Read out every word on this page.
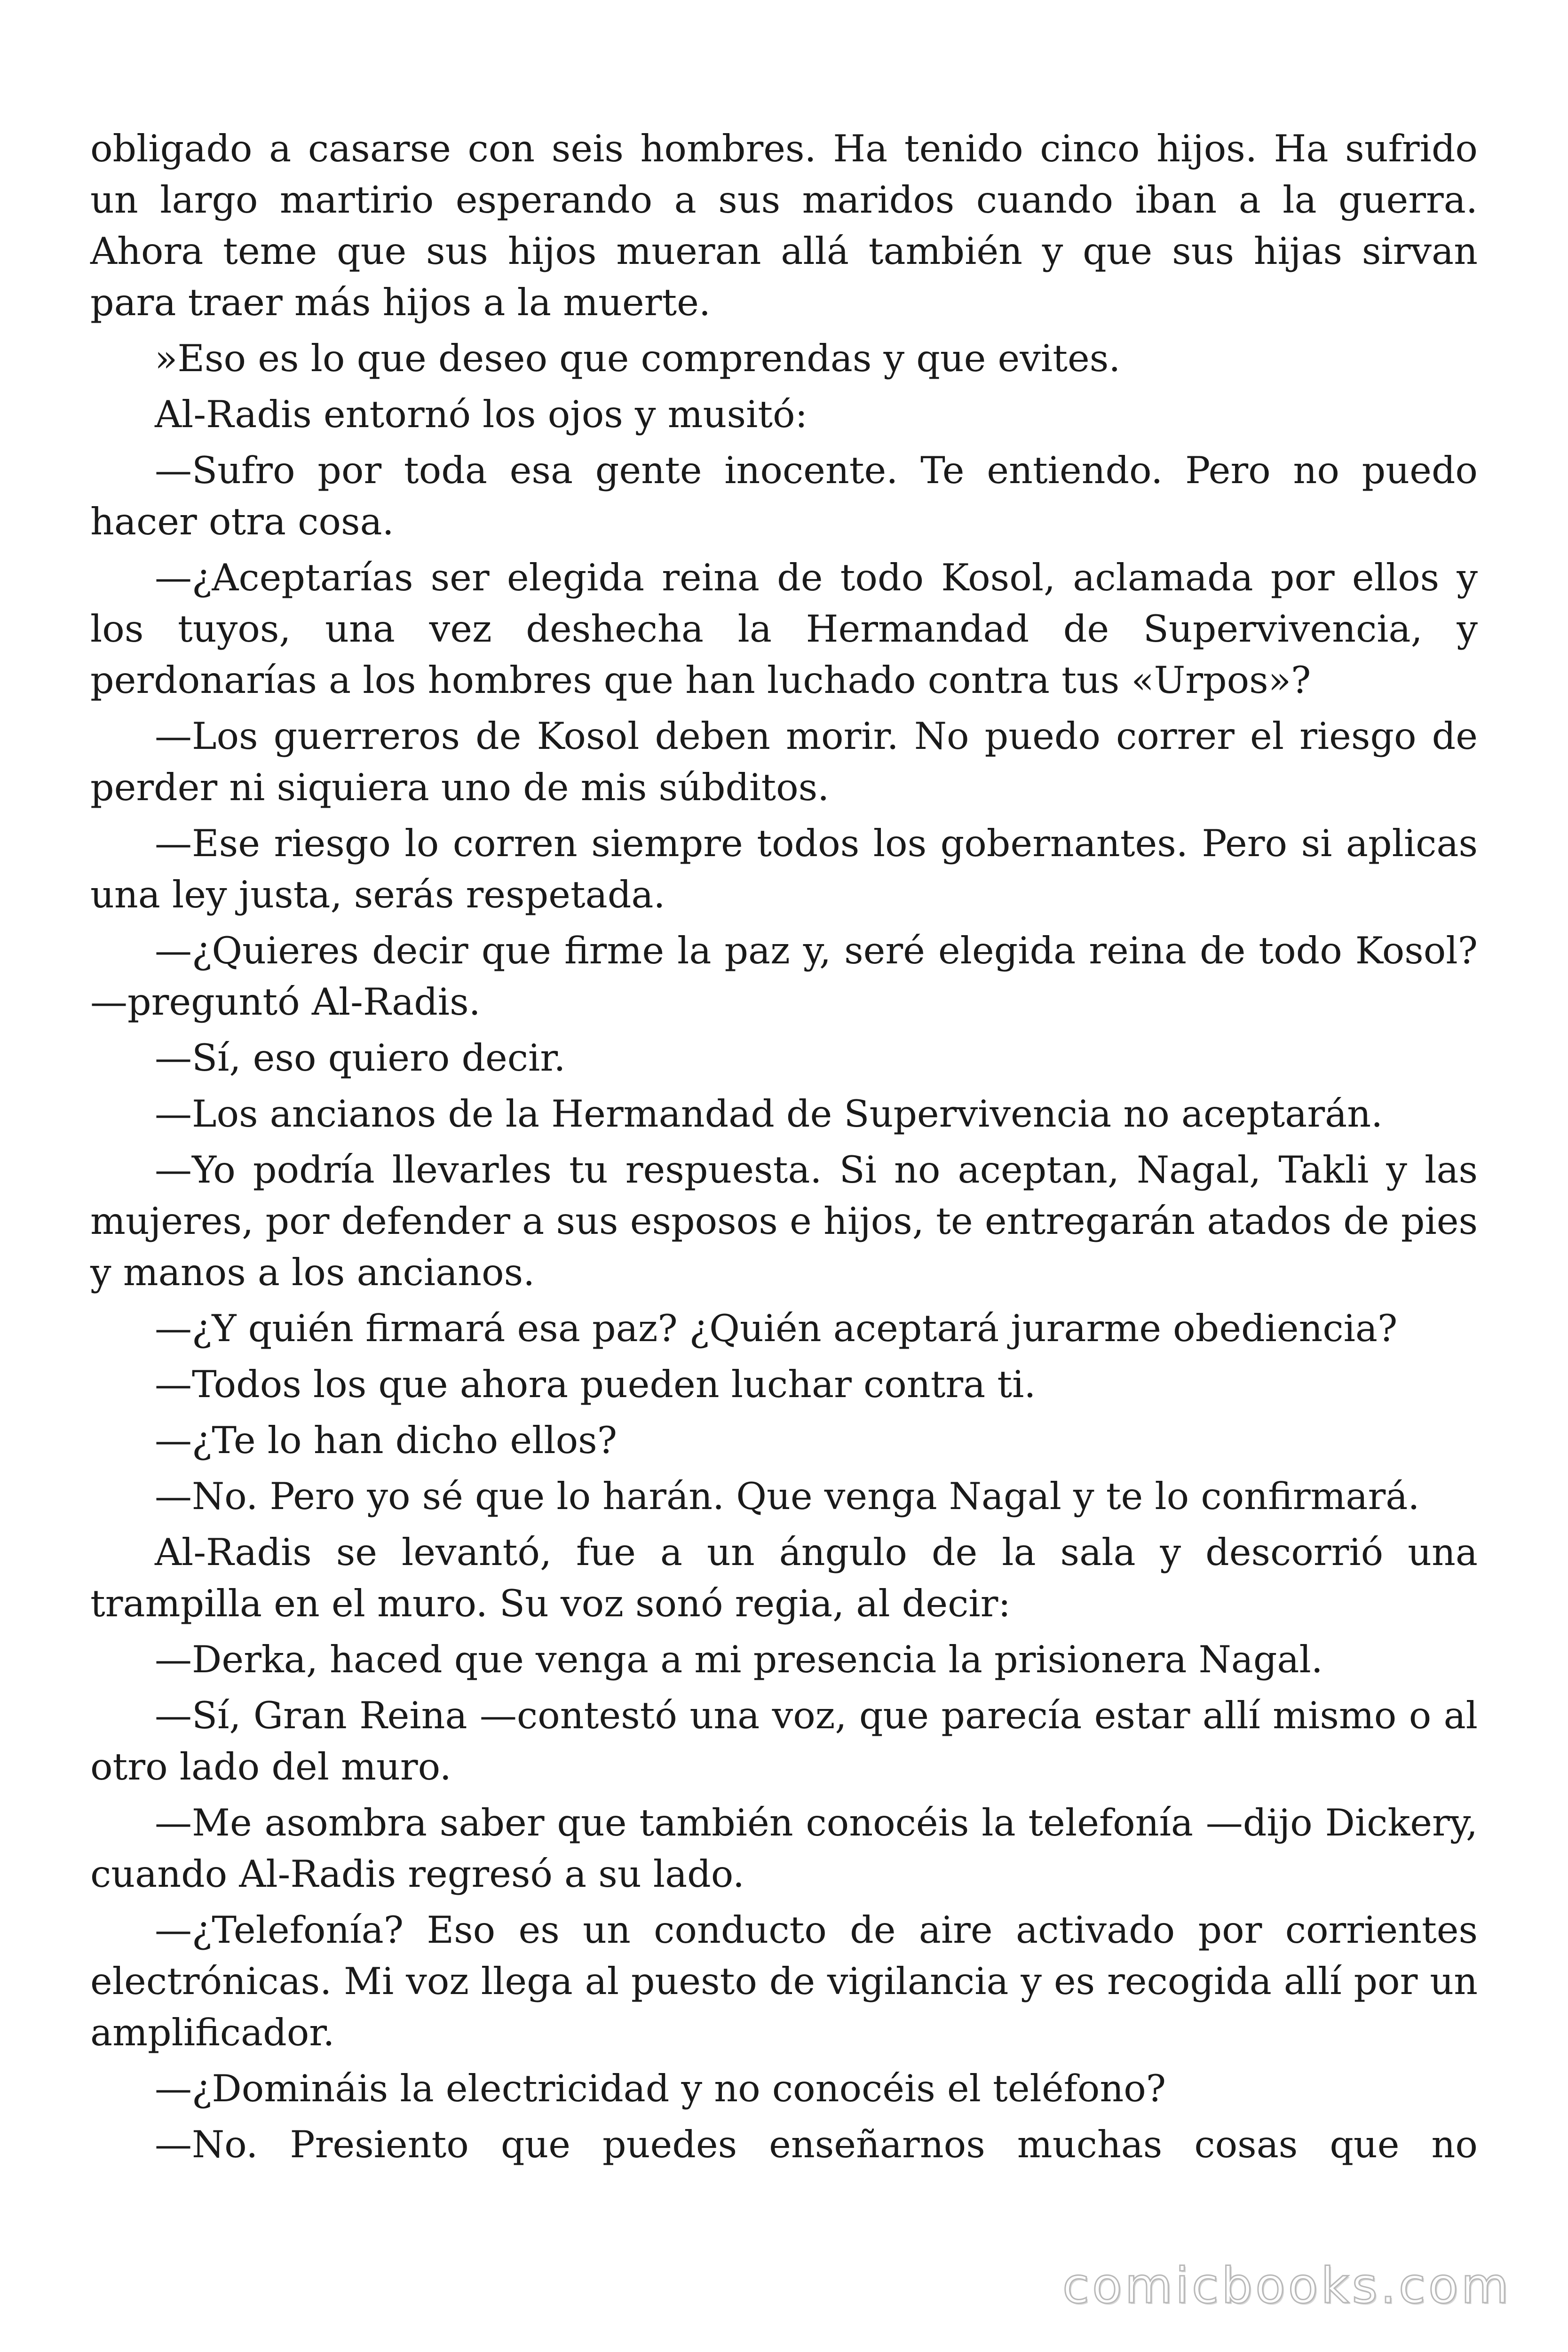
obligado a casarse con seis hombres. Ha tenido cinco hijos. Ha sufrido un largo martirio esperando a sus maridos cuando iban a la guerra. Ahora teme que sus hijos mueran allá también y que sus hijas sirvan para traer más hijos a la muerte.

»Eso es lo que deseo que comprendas y que evites.

Al-Radis entornó los ojos y musitó:

—Sufro por toda esa gente inocente. Te entiendo. Pero no puedo hacer otra cosa.

—¿Aceptarías ser elegida reina de todo Kosol, aclamada por ellos y los tuyos, una vez deshecha la Hermandad de Supervivencia, y perdonarías a los hombres que han luchado contra tus «Urpos»?

—Los guerreros de Kosol deben morir. No puedo correr el riesgo de perder ni siquiera uno de mis súbditos.

—Ese riesgo lo corren siempre todos los gobernantes. Pero si aplicas una ley justa, serás respetada.

—¿Quieres decir que firme la paz y, seré elegida reina de todo Kosol? —preguntó Al-Radis.

—Sí, eso quiero decir.

—Los ancianos de la Hermandad de Supervivencia no aceptarán.

—Yo podría llevarles tu respuesta. Si no aceptan, Nagal, Takli y las mujeres, por defender a sus esposos e hijos, te entregarán atados de pies y manos a los ancianos.

—¿Y quién firmará esa paz? ¿Quién aceptará jurarme obediencia?

—Todos los que ahora pueden luchar contra ti.

—¿Te lo han dicho ellos?

—No. Pero yo sé que lo harán. Que venga Nagal y te lo confirmará.

Al-Radis se levantó, fue a un ángulo de la sala y descorrió una trampilla en el muro. Su voz sonó regia, al decir:

—Derka, haced que venga a mi presencia la prisionera Nagal.

—Sí, Gran Reina —contestó una voz, que parecía estar allí mismo o al otro lado del muro.

—Me asombra saber que también conocéis la telefonía —dijo Dickery, cuando Al-Radis regresó a su lado.

—¿Telefonía? Eso es un conducto de aire activado por corrientes electrónicas. Mi voz llega al puesto de vigilancia y es recogida allí por un amplificador.

—¿Domináis la electricidad y no conocéis el teléfono?

—No. Presiento que puedes enseñarnos muchas cosas que no

comicbooks.com
